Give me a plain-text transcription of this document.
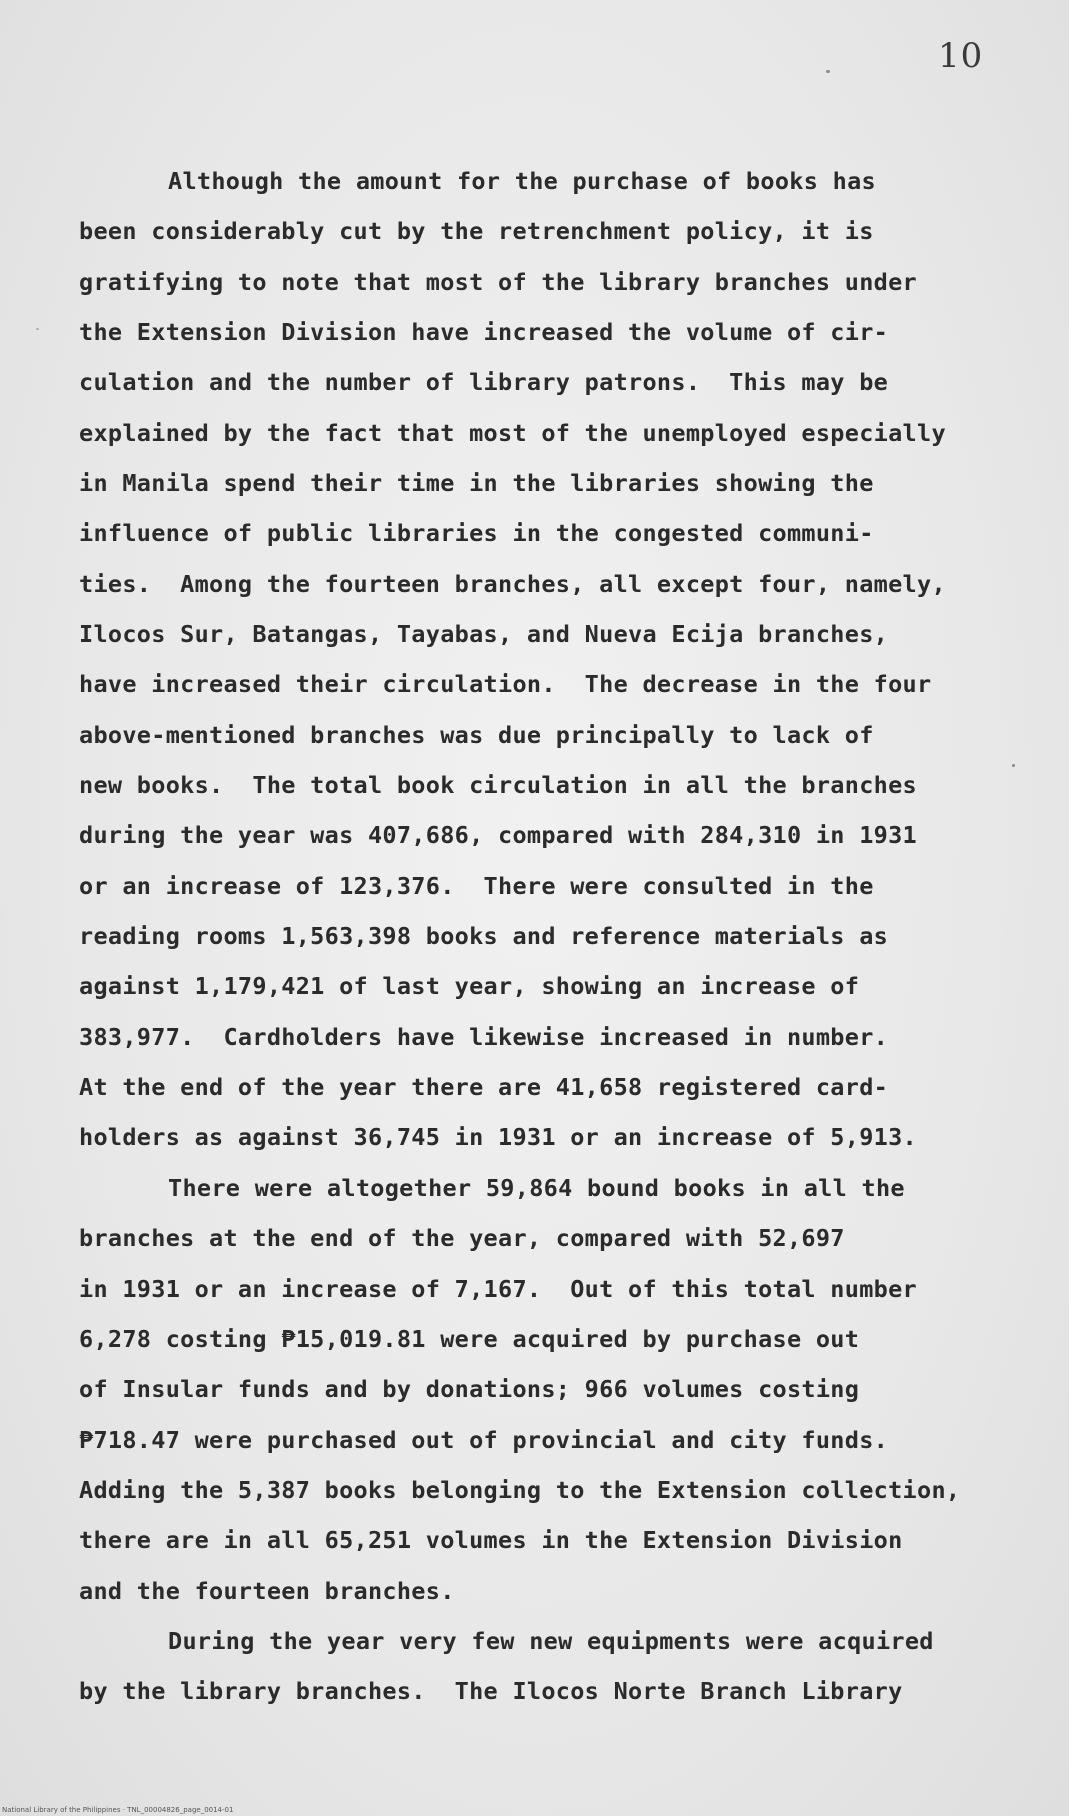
10
Although the amount for the purchase of books has
been considerably cut by the retrenchment policy, it is
gratifying to note that most of the library branches under
the Extension Division have increased the volume of cir-
culation and the number of library patrons.  This may be
explained by the fact that most of the unemployed especially
in Manila spend their time in the libraries showing the
influence of public libraries in the congested communi-
ties.  Among the fourteen branches, all except four, namely,
Ilocos Sur, Batangas, Tayabas, and Nueva Ecija branches,
have increased their circulation.  The decrease in the four
above-mentioned branches was due principally to lack of
new books.  The total book circulation in all the branches
during the year was 407,686, compared with 284,310 in 1931
or an increase of 123,376.  There were consulted in the
reading rooms 1,563,398 books and reference materials as
against 1,179,421 of last year, showing an increase of
383,977.  Cardholders have likewise increased in number.
At the end of the year there are 41,658 registered card-
holders as against 36,745 in 1931 or an increase of 5,913.
There were altogether 59,864 bound books in all the
branches at the end of the year, compared with 52,697
in 1931 or an increase of 7,167.  Out of this total number
6,278 costing ₱15,019.81 were acquired by purchase out
of Insular funds and by donations; 966 volumes costing
₱718.47 were purchased out of provincial and city funds.
Adding the 5,387 books belonging to the Extension collection,
there are in all 65,251 volumes in the Extension Division
and the fourteen branches.
During the year very few new equipments were acquired
by the library branches.  The Ilocos Norte Branch Library
National Library of the Philippines · TNL_00004826_page_0014-01
